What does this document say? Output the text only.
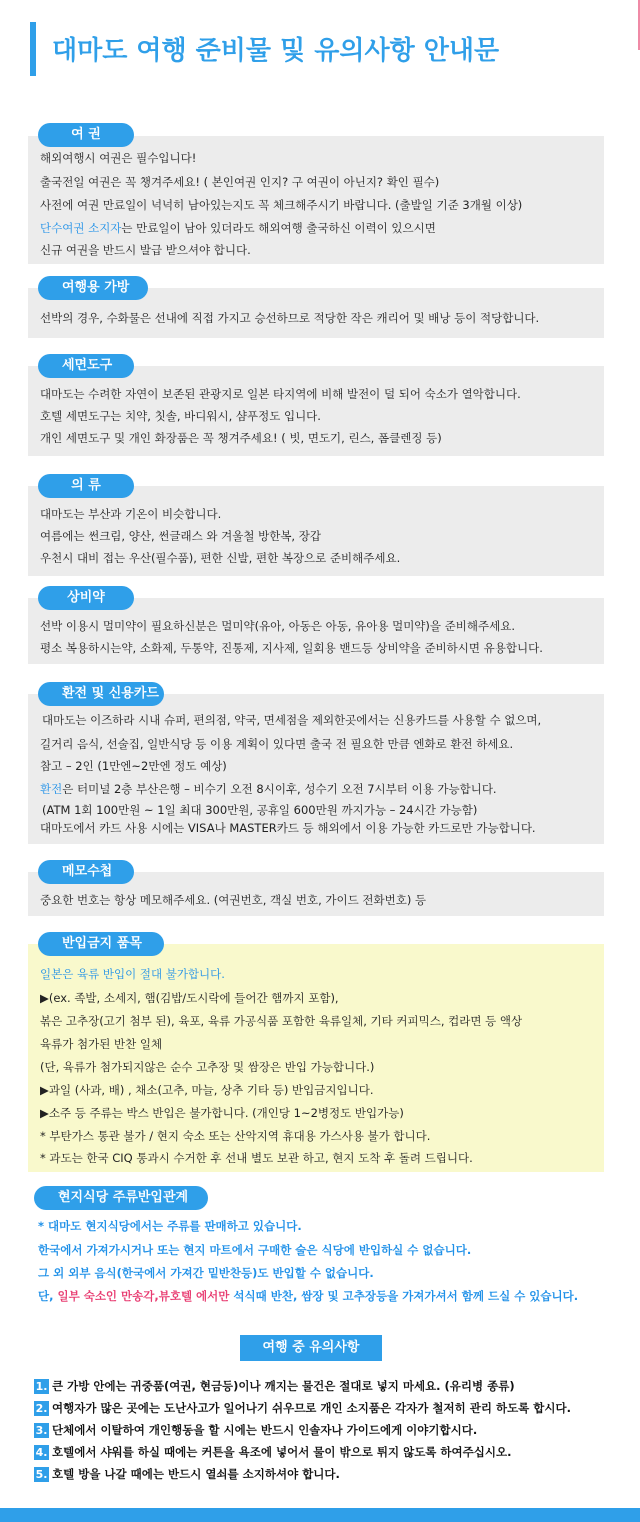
대마도 여행 준비물 및 유의사항 안내문
해외여행시 여권은 필수입니다!
출국전일 여권은 꼭 챙겨주세요! ( 본인여권 인지? 구 여권이 아닌지? 확인 필수)
사전에 여권 만료일이 넉넉히 남아있는지도 꼭 체크해주시기 바랍니다. (출발일 기준 3개월 이상)
단수여권 소지자는 만료일이 남아 있더라도 해외여행 출국하신 이력이 있으시면
신규 여권을 반드시 발급 받으셔야 합니다.
여 권
선박의 경우, 수화물은 선내에 직접 가지고 승선하므로 적당한 작은 캐리어 및 배낭 등이 적당합니다.
여행용 가방
대마도는 수려한 자연이 보존된 관광지로 일본 타지역에 비해 발전이 덜 되어 숙소가 열악합니다.
호텔 세면도구는 치약, 칫솔, 바디워시, 샴푸정도 입니다.
개인 세면도구 및 개인 화장품은 꼭 챙겨주세요! ( 빗, 면도기, 린스, 폼클렌징 등)
세면도구
대마도는 부산과 기온이 비슷합니다.
여름에는 썬크림, 양산, 썬글래스 와 겨울철 방한복, 장갑
우천시 대비 접는 우산(필수품), 편한 신발, 편한 복장으로 준비해주세요.
의 류
선박 이용시 멀미약이 필요하신분은 멀미약(유아, 아동은 아동, 유아용 멀미약)을 준비해주세요.
평소 복용하시는약, 소화제, 두통약, 진통제, 지사제, 일회용 밴드등 상비약을 준비하시면 유용합니다.
상비약
대마도는 이즈하라 시내 슈퍼, 편의점, 약국, 면세점을 제외한곳에서는 신용카드를 사용할 수 없으며,
길거리 음식, 선술집, 일반식당 등 이용 계획이 있다면 출국 전 필요한 만큼 엔화로 환전 하세요.
참고 – 2인 (1만엔~2만엔 정도 예상)
환전은 터미널 2층 부산은행 – 비수기 오전 8시이후, 성수기 오전 7시부터 이용 가능합니다.
(ATM 1회 100만원 ~ 1일 최대 300만원, 공휴일 600만원 까지가능 – 24시간 가능함)
대마도에서 카드 사용 시에는 VISA나 MASTER카드 등 해외에서 이용 가능한 카드로만 가능합니다.
환전 및 신용카드
중요한 번호는 항상 메모해주세요. (여권번호, 객실 번호, 가이드 전화번호) 등
메모수첩
일본은 육류 반입이 절대 불가합니다.
▶(ex. 족발, 소세지, 햄(김밥/도시락에 들어간 햄까지 포함),
볶은 고추장(고기 첨부 된), 육포, 육류 가공식품 포함한 육류일체, 기타 커피믹스, 컵라면 등 액상
육류가 첨가된 반찬 일체
(단, 육류가 첨가되지않은 순수 고추장 및 쌈장은 반입 가능합니다.)
▶과일 (사과, 배) , 채소(고추, 마늘, 상추 기타 등) 반입금지입니다.
▶소주 등 주류는 박스 반입은 불가합니다. (개인당 1~2병정도 반입가능)
* 부탄가스 통관 불가 / 현지 숙소 또는 산악지역 휴대용 가스사용 불가 합니다.
* 과도는 한국 CIQ 통과시 수거한 후 선내 별도 보관 하고, 현지 도착 후 돌려 드립니다.
반입금지 품목
현지식당 주류반입관계
* 대마도 현지식당에서는 주류를 판매하고 있습니다.
한국에서 가져가시거나 또는 현지 마트에서 구매한 술은 식당에 반입하실 수 없습니다.
그 외 외부 음식(한국에서 가져간 밑반찬등)도 반입할 수 없습니다.
단, 일부 숙소인 만송각,뷰호텔 에서만 석식때 반찬, 쌈장 및 고추장등을 가져가셔서 함께 드실 수 있습니다.
여행 중 유의사항
1. 큰 가방 안에는 귀중품(여권, 현금등)이나 깨지는 물건은 절대로 넣지 마세요. (유리병 종류)
2. 여행자가 많은 곳에는 도난사고가 일어나기 쉬우므로 개인 소지품은 각자가 철저히 관리 하도록 합시다.
3. 단체에서 이탈하여 개인행동을 할 시에는 반드시 인솔자나 가이드에게 이야기합시다.
4. 호텔에서 샤워를 하실 때에는 커튼을 욕조에 넣어서 물이 밖으로 튀지 않도록 하여주십시오.
5. 호텔 방을 나갈 때에는 반드시 열쇠를 소지하셔야 합니다.
